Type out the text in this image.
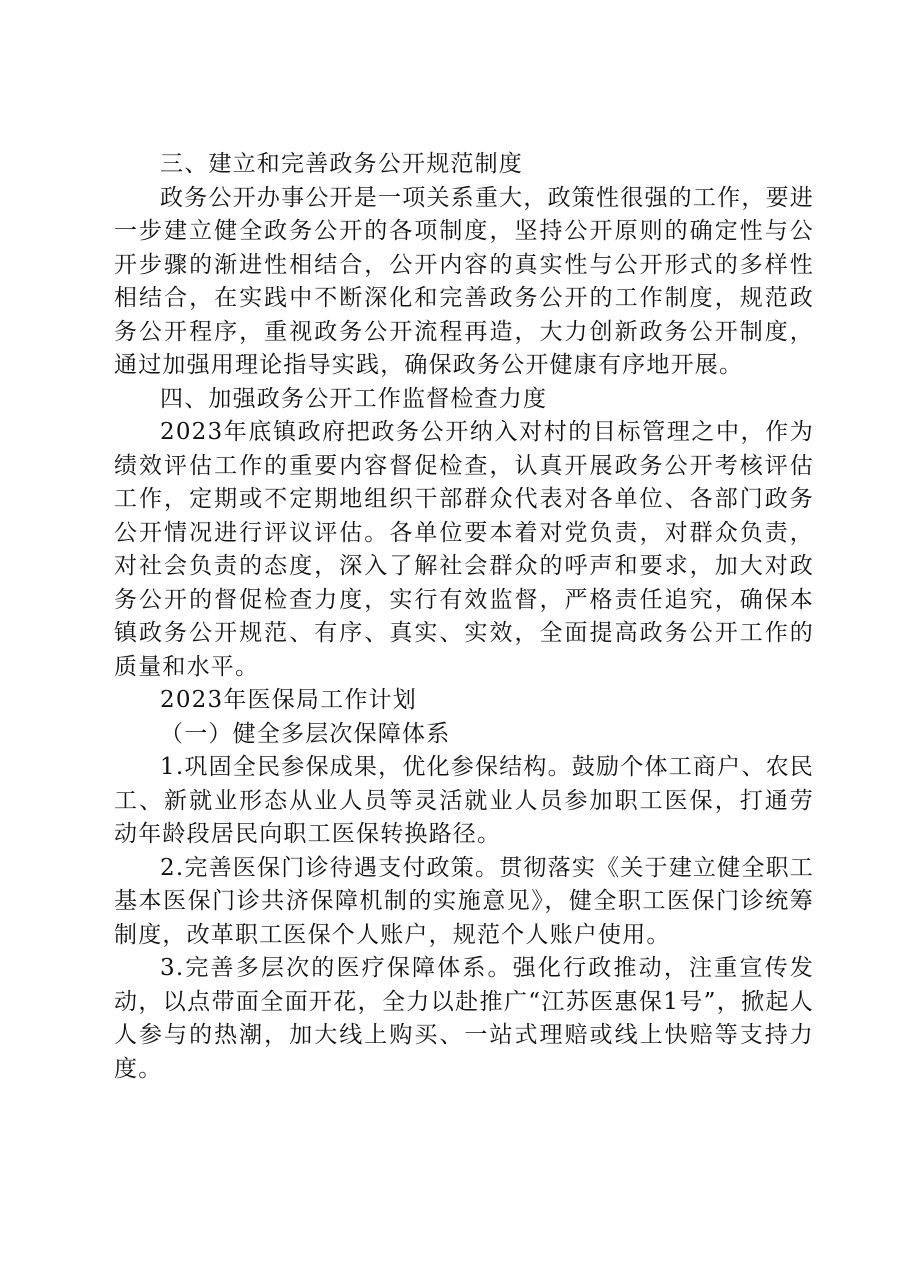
三、建立和完善政务公开规范制度

政务公开办事公开是一项关系重大，政策性很强的工作，要进一步建立健全政务公开的各项制度，坚持公开原则的确定性与公开步骤的渐进性相结合，公开内容的真实性与公开形式的多样性相结合，在实践中不断深化和完善政务公开的工作制度，规范政务公开程序，重视政务公开流程再造，大力创新政务公开制度，通过加强用理论指导实践，确保政务公开健康有序地开展。

四、加强政务公开工作监督检查力度

2023年底镇政府把政务公开纳入对村的目标管理之中，作为绩效评估工作的重要内容督促检查，认真开展政务公开考核评估工作，定期或不定期地组织干部群众代表对各单位、各部门政务公开情况进行评议评估。各单位要本着对党负责，对群众负责，对社会负责的态度，深入了解社会群众的呼声和要求，加大对政务公开的督促检查力度，实行有效监督，严格责任追究，确保本镇政务公开规范、有序、真实、实效，全面提高政务公开工作的质量和水平。

2023年医保局工作计划

（一）健全多层次保障体系

1.巩固全民参保成果，优化参保结构。鼓励个体工商户、农民工、新就业形态从业人员等灵活就业人员参加职工医保，打通劳动年龄段居民向职工医保转换路径。

2.完善医保门诊待遇支付政策。贯彻落实《关于建立健全职工基本医保门诊共济保障机制的实施意见》，健全职工医保门诊统筹制度，改革职工医保个人账户，规范个人账户使用。

3.完善多层次的医疗保障体系。强化行政推动，注重宣传发动，以点带面全面开花，全力以赴推广“江苏医惠保1号”，掀起人人参与的热潮，加大线上购买、一站式理赔或线上快赔等支持力度。
